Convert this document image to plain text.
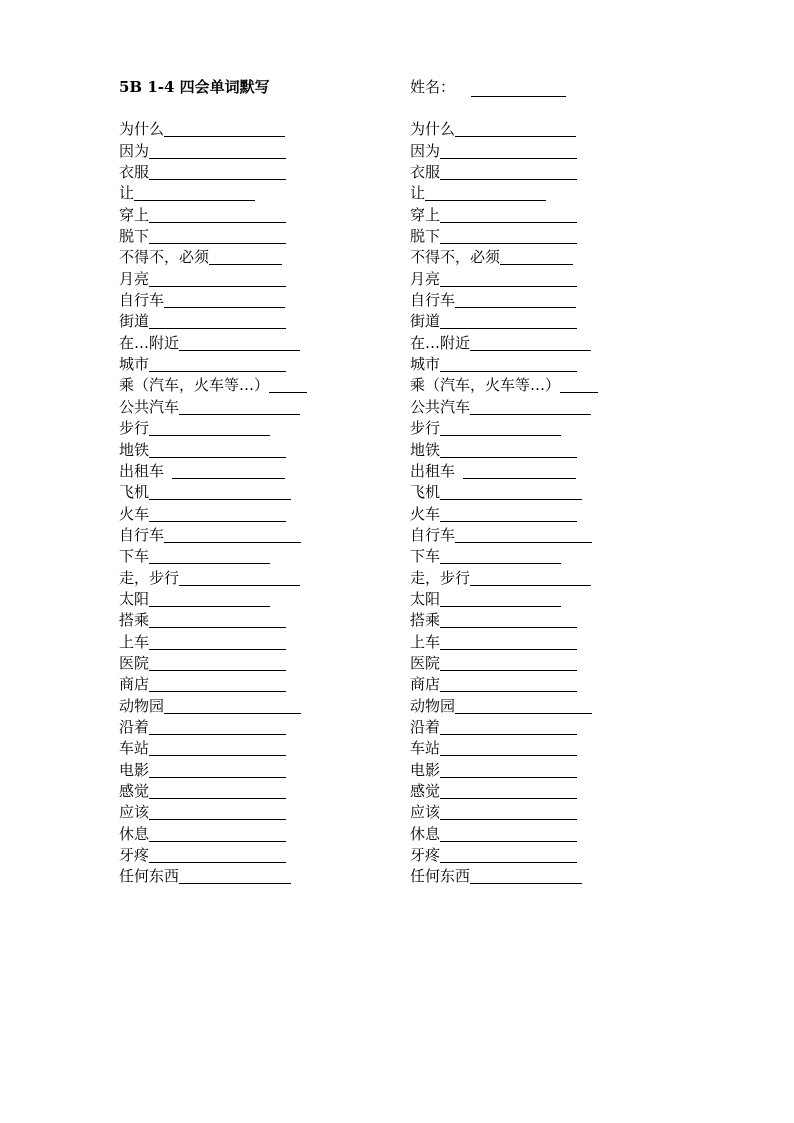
5B 1-4 四会单词默写	姓名：
为什么
因为
衣服
让
穿上
脱下
不得不，必须
月亮
自行车
街道
在…附近
城市
乘（汽车，火车等…）
公共汽车
步行
地铁
出租车
飞机
火车
自行车
下车
走，步行
太阳
搭乘
上车
医院
商店
动物园
沿着
车站
电影
感觉
应该
休息
牙疼
任何东西
为什么
因为
衣服
让
穿上
脱下
不得不，必须
月亮
自行车
街道
在…附近
城市
乘（汽车，火车等…）
公共汽车
步行
地铁
出租车
飞机
火车
自行车
下车
走，步行
太阳
搭乘
上车
医院
商店
动物园
沿着
车站
电影
感觉
应该
休息
牙疼
任何东西
